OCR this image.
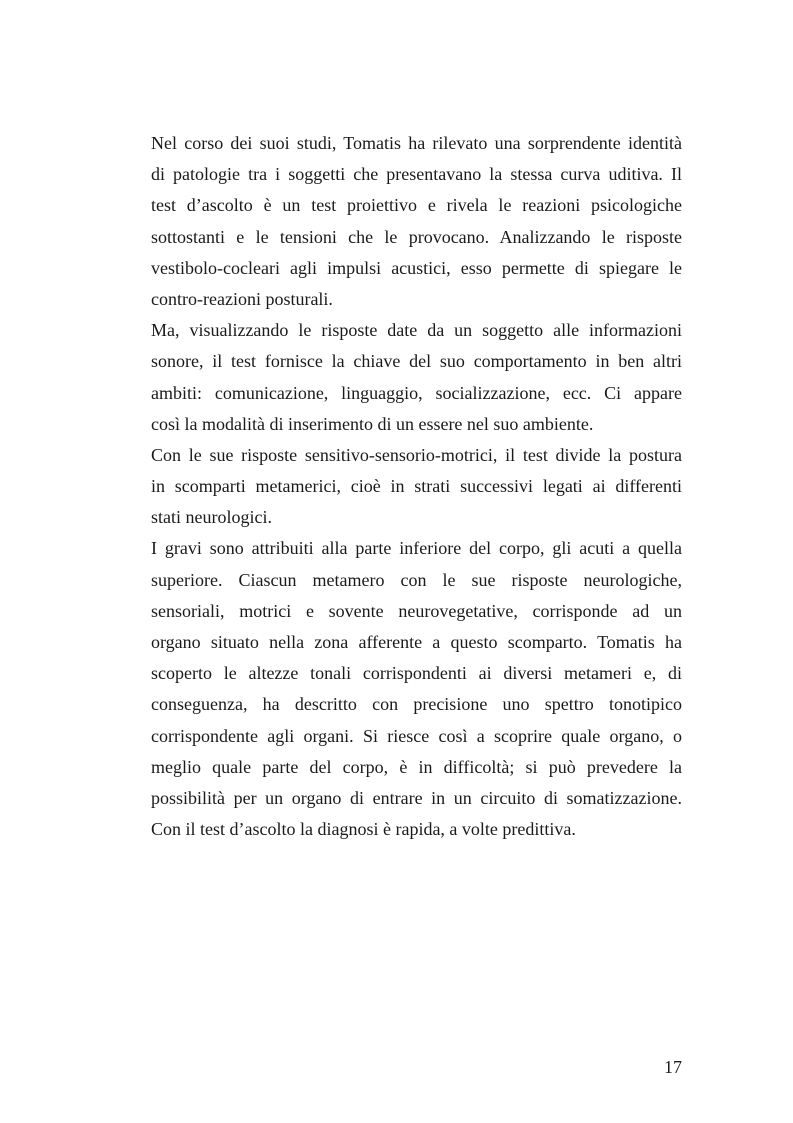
Nel corso dei suoi studi, Tomatis ha rilevato una sorprendente identità
di patologie tra i soggetti che presentavano la stessa curva uditiva. Il
test d’ascolto è un test proiettivo e rivela le reazioni psicologiche
sottostanti e le tensioni che le provocano. Analizzando le risposte
vestibolo-cocleari agli impulsi acustici, esso permette di spiegare le
contro-reazioni posturali.
Ma, visualizzando le risposte date da un soggetto alle informazioni
sonore, il test fornisce la chiave del suo comportamento in ben altri
ambiti: comunicazione, linguaggio, socializzazione, ecc. Ci appare
così la modalità di inserimento di un essere nel suo ambiente.
Con le sue risposte sensitivo-sensorio-motrici, il test divide la postura
in scomparti metamerici, cioè in strati successivi legati ai differenti
stati neurologici.
I gravi sono attribuiti alla parte inferiore del corpo, gli acuti a quella
superiore. Ciascun metamero con le sue risposte neurologiche,
sensoriali, motrici e sovente neurovegetative, corrisponde ad un
organo situato nella zona afferente a questo scomparto. Tomatis ha
scoperto le altezze tonali corrispondenti ai diversi metameri e, di
conseguenza, ha descritto con precisione uno spettro tonotipico
corrispondente agli organi. Si riesce così a scoprire quale organo, o
meglio quale parte del corpo, è in difficoltà; si può prevedere la
possibilità per un organo di entrare in un circuito di somatizzazione.
Con il test d’ascolto la diagnosi è rapida, a volte predittiva.
17
